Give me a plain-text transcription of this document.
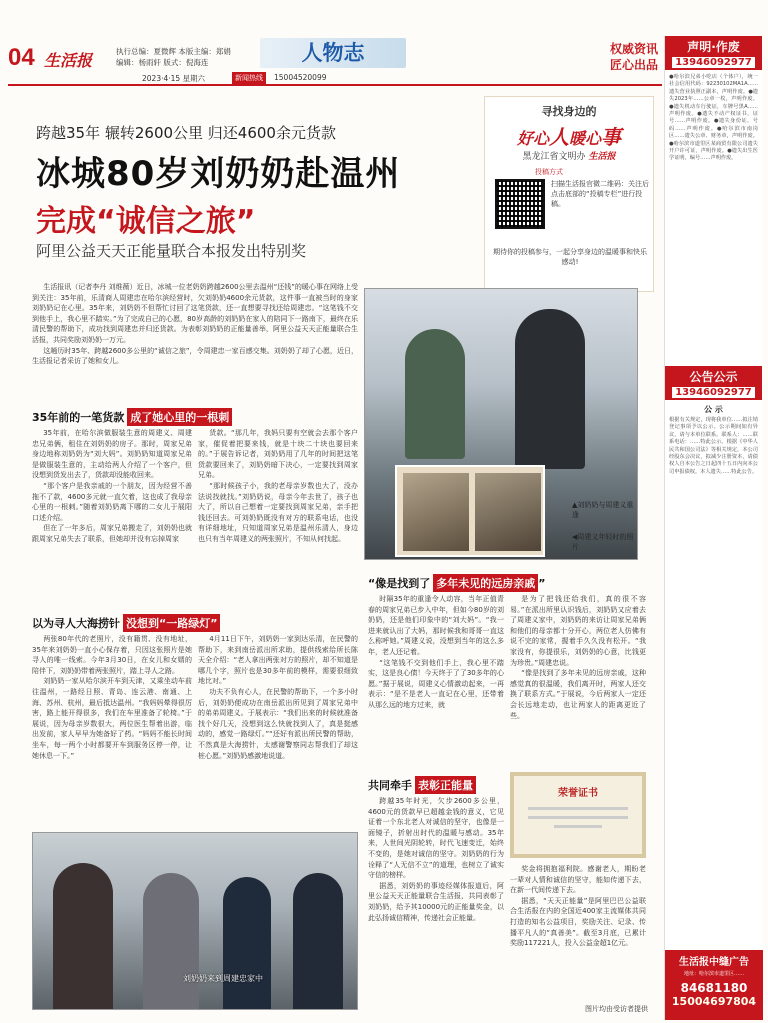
04 生活报	执行总编：夏微辉 本版主编：郑娟
编辑：杨雨轩 版式：倪海连	人物志
2023·4·15 星期六	新闻热线	15004520099
权威资讯
匠心出品
跨越35年 辗转2600公里 归还4600余元货款
冰城80岁刘奶奶赴温州
完成“诚信之旅”
阿里公益天天正能量联合本报发出特别奖
寻找身边的
好心人暖心事
黑龙江省文明办 生活报
投稿方式
扫描生活报官微二维码：关注后点击底部的“投稿专栏”进行投稿。
期待你的投稿参与，一起分享身边的温暖事和快乐感动!

生活报讯（记者李丹 刘维薇）近日，冰城一位老奶奶跨越2600公里去温州“还钱”的暖心事在网络上受到关注：35年前，乐清商人周建忠在哈尔滨经营时，欠刘奶奶4600余元货款，这件事一直被当时的身家刘奶奶记在心里。35年来，刘奶奶不但帮忙讨回了这笔货款，还一直想要寻找还给周建忠。“这笔钱不交到他手上，我心里不踏实。”为了完成自己的心愿，80岁高龄的刘奶奶在家人的陪同下一路南下，最终在乐清民警的帮助下，成功找到周建忠并归还货款。为表彰刘奶奶的正能量善举，阿里公益天天正能量联合生活报，共同奖励刘奶奶一万元。

这趟历时35年、跨越2600多公里的“诚信之旅”，令周建忠一家百感交集。刘奶奶了却了心愿，近日，生活报记者采访了她和女儿。

▲刘奶奶与周建义重逢
◀周建义年轻时的照片
35年前的一笔货款 成了她心里的一根刺

35年前，在哈尔滨做服装生意的周建义、周建忠兄弟俩，租住在刘奶奶的房子。那时，周家兄弟身边地称刘奶奶为“刘大妈”。刘奶奶知道周家兄弟是做服装生意的，主动给两人介绍了一个客户，但没想到货发出去了，货款却没能收回来。

“那个客户是我亲戚的一个朋友，因为经营不善拖不了款，4600多元就一直欠着，这也成了我母亲心里的一根刺。”随着刘奶奶离下哪的二女儿于展阳口述介绍。

但在了一年多后，周家兄弟搬走了，刘奶奶也就跟周家兄弟失去了联系，但她却并没有忘掉周家

货款。“那几年，我妈只要有空就会去那个客户家，催促着把要来钱，就是十块二十块也要回来的。”于展告诉记者，刘奶奶用了几年的时间把这笔货款要回来了，刘奶奶暗下决心，一定要找到周家兄弟。

“那时候孩子小，我的老母亲岁数也大了，没办法说找就找。”刘奶奶说，母亲今年去世了，孩子也大了，所以自己想着一定要找到周家兄弟，亲手把钱还回去。可刘奶奶既没有对方的联系电话，也没有详细地址，只知道周家兄弟是温州乐清人，身边也只有当年周建义的两张照片，不知从何找起。

以为寻人大海捞针 没想到“一路绿灯”

两张80年代的老照片，没有籍贯、没有地址，35年来刘奶奶一直小心保存着，只因这张照片是她寻人的唯一线索。今年3月30日，在女儿和女婿的陪伴下，刘奶奶带着两张照片，踏上寻人之路。

刘奶奶一家从哈尔滨开车到天津，又乘坐动车前往温州，一路经日照、青岛、连云港、南通、上海、苏州、杭州，最后抵达温州。“我妈妈晕得很厉害，路上能开得很多，我们在车里准备了轮椅。”于展说，因为母亲岁数很大，两位医生帮着出游，临出发前，家人早早为她备好了药。“妈妈不能长时间坐车，每一两个小时都要开车到服务区停一停，让她休息一下。”

4月11日下午，刘奶奶一家到达乐清，在民警的帮助下，来到南岳派出所求助，提供线索给所长陈天全介绍：“老人拿出两张对方的照片，却不知道是哪几个字，照片也是30多年前的模样，需要很细致地比对。”

功夫不负有心人，在民警的帮助下，一个多小时后，刘奶奶便成功在南岳派出所见到了周家兄弟中的弟弟周建义。于展表示：“我们出来的时候就准备找个好几天，没想到这么快就找到人了，真是挺感动的，感觉一路绿灯。”“还好有派出所民警的帮助，不然真是大海捞针，太感谢警察同志帮我们了却这桩心愿。”刘奶奶感激地说道。

“像是找到了 多年未见的远房亲戚 ”

时隔35年的重逢令人动容，当年正值青春的周家兄弟已步入中年，但如今80岁的刘奶奶，还是他们印象中的“刘大妈”。“我一进来就认出了大妈，那时候我和哥哥一直这么称呼她。”周建义说，没想到当年的这么多年，老人还记着。

“这笔钱不交到他们手上，我心里不踏实，这是良心债！今天终于了了30多年的心愿。”据于展说，周建义心情激动起来，一再表示：“是不是老人一直记在心里，还带着从那么远的地方过来，就

是为了把钱还给我们，真的很不容易。”在派出所里认识钱后，刘奶奶又应着去了周建义家中，刘奶奶的来访让周家兄弟俩和他们的母亲都十分开心，两位老人仿佛有说不完的家常，握着手久久没有松开。“我家没有，你提很乐，刘奶奶的心意，比钱更为珍贵。”周建忠说。

“像是找到了多年未见的远房亲戚，这种感觉真的很温暖，我们离开时，两家人还交换了联系方式。”于展说，今后两家人一定还会长远地走动，也让两家人的距离更近了些。

共同牵手 表彰正能量

跨越35年时光，欠步2600多公里，4600元的货款早已超越金钱的意义，它见证着一个东北老人对诚信的坚守，也像是一面镜子，折射出时代的温暖与感动。35年来，人世间光阴轮转，时代飞速变迁，始终不变的，是她对诚信的坚守。刘奶奶的行为诠释了“人无信不立”的道理，也树立了诚实守信的榜样。

据悉，刘奶奶的事迹经媒体报道后，阿里公益天天正能量联合生活报，共同表彰了刘奶奶，给予其10000元的正能量奖金，以此弘扬诚信精神，传递社会正能量。

荣誉证书

奖金将拥抱福利院。感谢老人，期盼老一辈对人情和诚信的坚守，能如传递下去，在新一代间传递下去。

据悉，“天天正能量”是阿里巴巴公益联合生活报在内的全国近400家主流媒体共同打造的知名公益项目，奖励关注、记录、传播平凡人的“真善美”。截至3月底，已累计奖励117221人，投入公益金超1亿元。

图片均由受访者提供
刘奶奶来到周建忠家中
声明·作废
13946092977
●哈尔滨兄弟小吃店（个体户），统一社会信用代码：92230102MA1A……遗失营业执照正副本，声明作废。●遗失2023年……公章一枚，声明作废。●遗失机动车行驶证，车牌号黑A……声明作废。●遗失不动产权证书，证号……声明作废。●遗失身份证，号码……声明作废。●哈尔滨市南岗区……遗失公章、财务章，声明作废。●哈尔滨市道里区某商贸有限公司遗失开户许可证，声明作废。●遗失出生医学证明，编号……声明作废。
公告公示
13946092977
公 示
根据有关规定，现将我单位……拟注销登记事项予以公示。公示期间如有异议，请与本单位联系。联系人：……联系电话：……特此公示。根据《中华人民共和国公司法》等相关规定，本公司经股东会决议，拟减少注册资本，请债权人自本公告之日起四十五日内向本公司申报债权。本人遗失……特此公告。
生活报中缝广告
地址：哈尔滨市道里区……
84681180
15004697804
